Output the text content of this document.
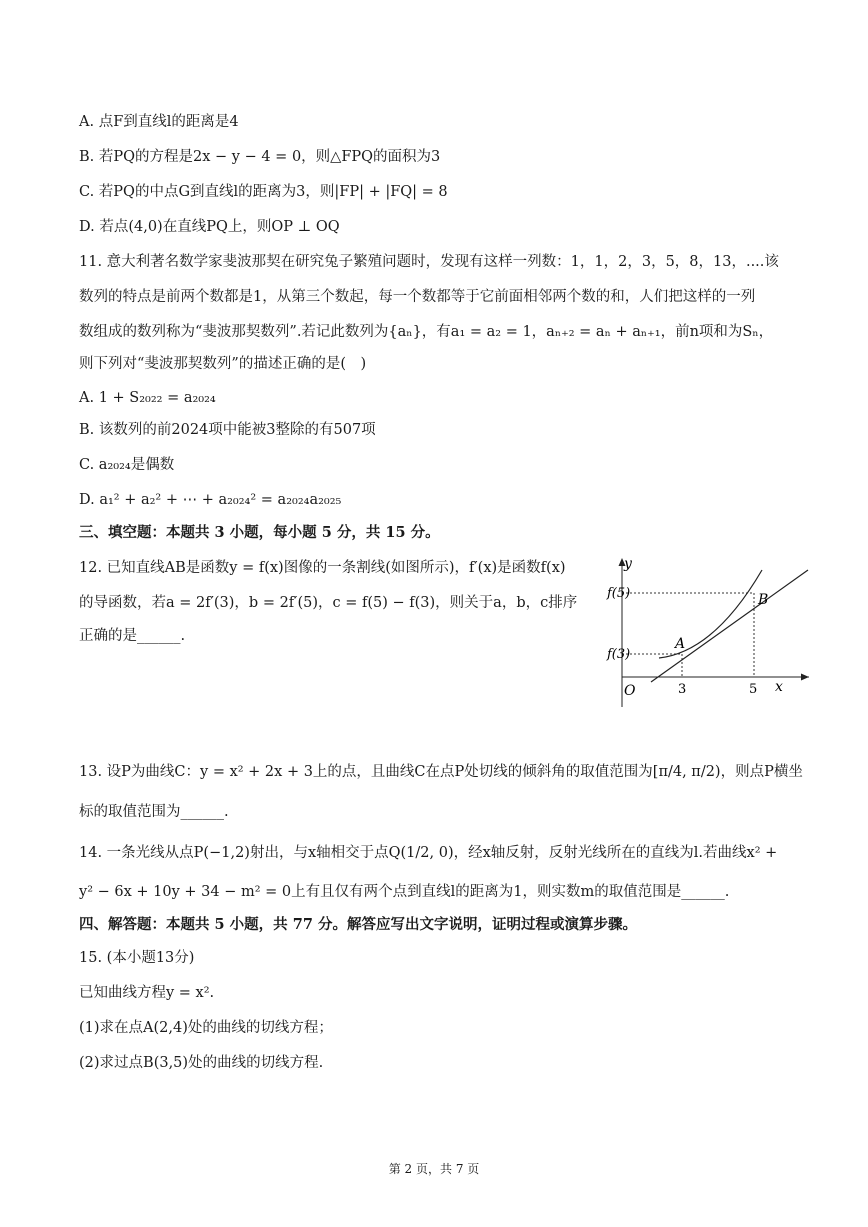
A. 点F到直线l的距离是4
B. 若PQ的方程是2x − y − 4 = 0，则△FPQ的面积为3
C. 若PQ的中点G到直线l的距离为3，则|FP| + |FQ| = 8
D. 若点(4,0)在直线PQ上，则OP ⊥ OQ
11. 意大利著名数学家斐波那契在研究兔子繁殖问题时，发现有这样一列数：1，1，2，3，5，8，13，....该
数列的特点是前两个数都是1，从第三个数起，每一个数都等于它前面相邻两个数的和，人们把这样的一列
数组成的数列称为“斐波那契数列”.若记此数列为{aₙ}，有a₁ = a₂ = 1，aₙ₊₂ = aₙ + aₙ₊₁，前n项和为Sₙ，
则下列对“斐波那契数列”的描述正确的是(　)
A. 1 + S₂₀₂₂ = a₂₀₂₄
B. 该数列的前2024项中能被3整除的有507项
C. a₂₀₂₄是偶数
D. a₁² + a₂² + ⋯ + a₂₀₂₄² = a₂₀₂₄a₂₀₂₅
三、填空题：本题共 3 小题，每小题 5 分，共 15 分。
12. 已知直线AB是函数y = f(x)图像的一条割线(如图所示)，f′(x)是函数f(x)
的导函数，若a = 2f′(3)，b = 2f′(5)，c = f(5) − f(3)，则关于a，b，c排序
正确的是______.
y
x
O	3	5
f(5)
f(3)
A
B
13. 设P为曲线C：y = x² + 2x + 3上的点，且曲线C在点P处切线的倾斜角的取值范围为[π/4, π/2)，则点P横坐
标的取值范围为______.
14. 一条光线从点P(−1,2)射出，与x轴相交于点Q(1/2, 0)，经x轴反射，反射光线所在的直线为l.若曲线x² +
y² − 6x + 10y + 34 − m² = 0上有且仅有两个点到直线l的距离为1，则实数m的取值范围是______.
四、解答题：本题共 5 小题，共 77 分。解答应写出文字说明，证明过程或演算步骤。
15. (本小题13分)
已知曲线方程y = x².
(1)求在点A(2,4)处的曲线的切线方程；
(2)求过点B(3,5)处的曲线的切线方程.
第 2 页，共 7 页
